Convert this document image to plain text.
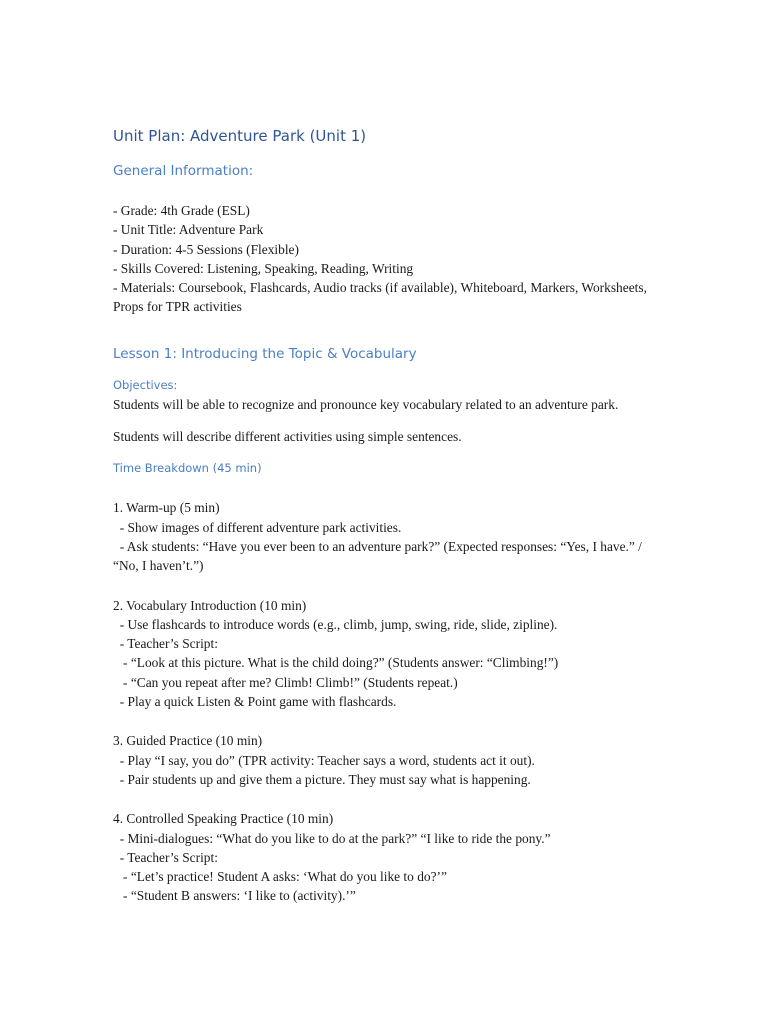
Unit Plan: Adventure Park (Unit 1)
General Information:
- Grade: 4th Grade (ESL)
- Unit Title: Adventure Park
- Duration: 4-5 Sessions (Flexible)
- Skills Covered: Listening, Speaking, Reading, Writing
- Materials: Coursebook, Flashcards, Audio tracks (if available), Whiteboard, Markers, Worksheets, Props for TPR activities
Lesson 1: Introducing the Topic & Vocabulary
Objectives:
Students will be able to recognize and pronounce key vocabulary related to an adventure park.
Students will describe different activities using simple sentences.
Time Breakdown (45 min)
1. Warm-up (5 min)
- Show images of different adventure park activities.
- Ask students: “Have you ever been to an adventure park?” (Expected responses: “Yes, I have.” / “No, I haven’t.”)
2. Vocabulary Introduction (10 min)
- Use flashcards to introduce words (e.g., climb, jump, swing, ride, slide, zipline).
- Teacher’s Script:
- “Look at this picture. What is the child doing?” (Students answer: “Climbing!”)
- “Can you repeat after me? Climb! Climb!” (Students repeat.)
- Play a quick Listen & Point game with flashcards.
3. Guided Practice (10 min)
- Play “I say, you do” (TPR activity: Teacher says a word, students act it out).
- Pair students up and give them a picture. They must say what is happening.
4. Controlled Speaking Practice (10 min)
- Mini-dialogues: “What do you like to do at the park?” “I like to ride the pony.”
- Teacher’s Script:
- “Let’s practice! Student A asks: ‘What do you like to do?’”
- “Student B answers: ‘I like to (activity).’”
